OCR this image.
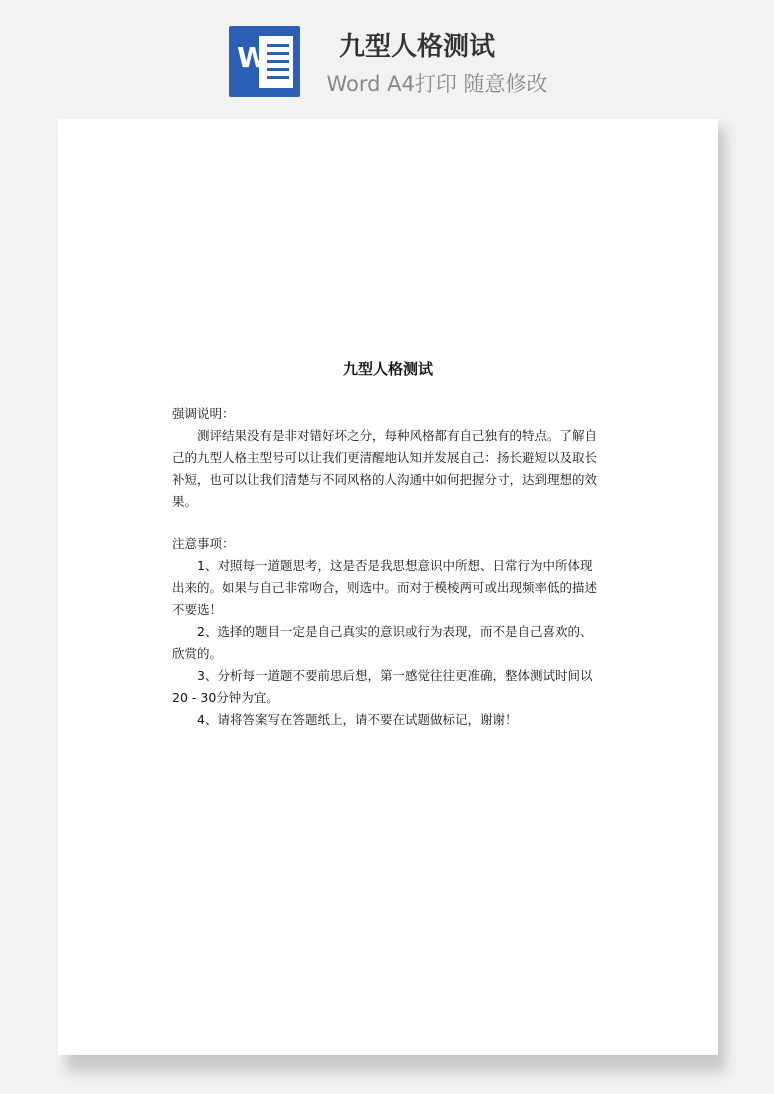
W	九型人格测试
Word A4打印 随意修改
九型人格测试

强调说明：

测评结果没有是非对错好坏之分，每种风格都有自己独有的特点。了解自己的九型人格主型号可以让我们更清醒地认知并发展自己：扬长避短以及取长补短，也可以让我们清楚与不同风格的人沟通中如何把握分寸，达到理想的效果。

注意事项：

1、对照每一道题思考，这是否是我思想意识中所想、日常行为中所体现出来的。如果与自己非常吻合，则选中。而对于模棱两可或出现频率低的描述不要选！

2、选择的题目一定是自己真实的意识或行为表现，而不是自己喜欢的、欣赏的。

3、分析每一道题不要前思后想，第一感觉往往更准确，整体测试时间以20 - 30分钟为宜。

4、请将答案写在答题纸上，请不要在试题做标记，谢谢！
